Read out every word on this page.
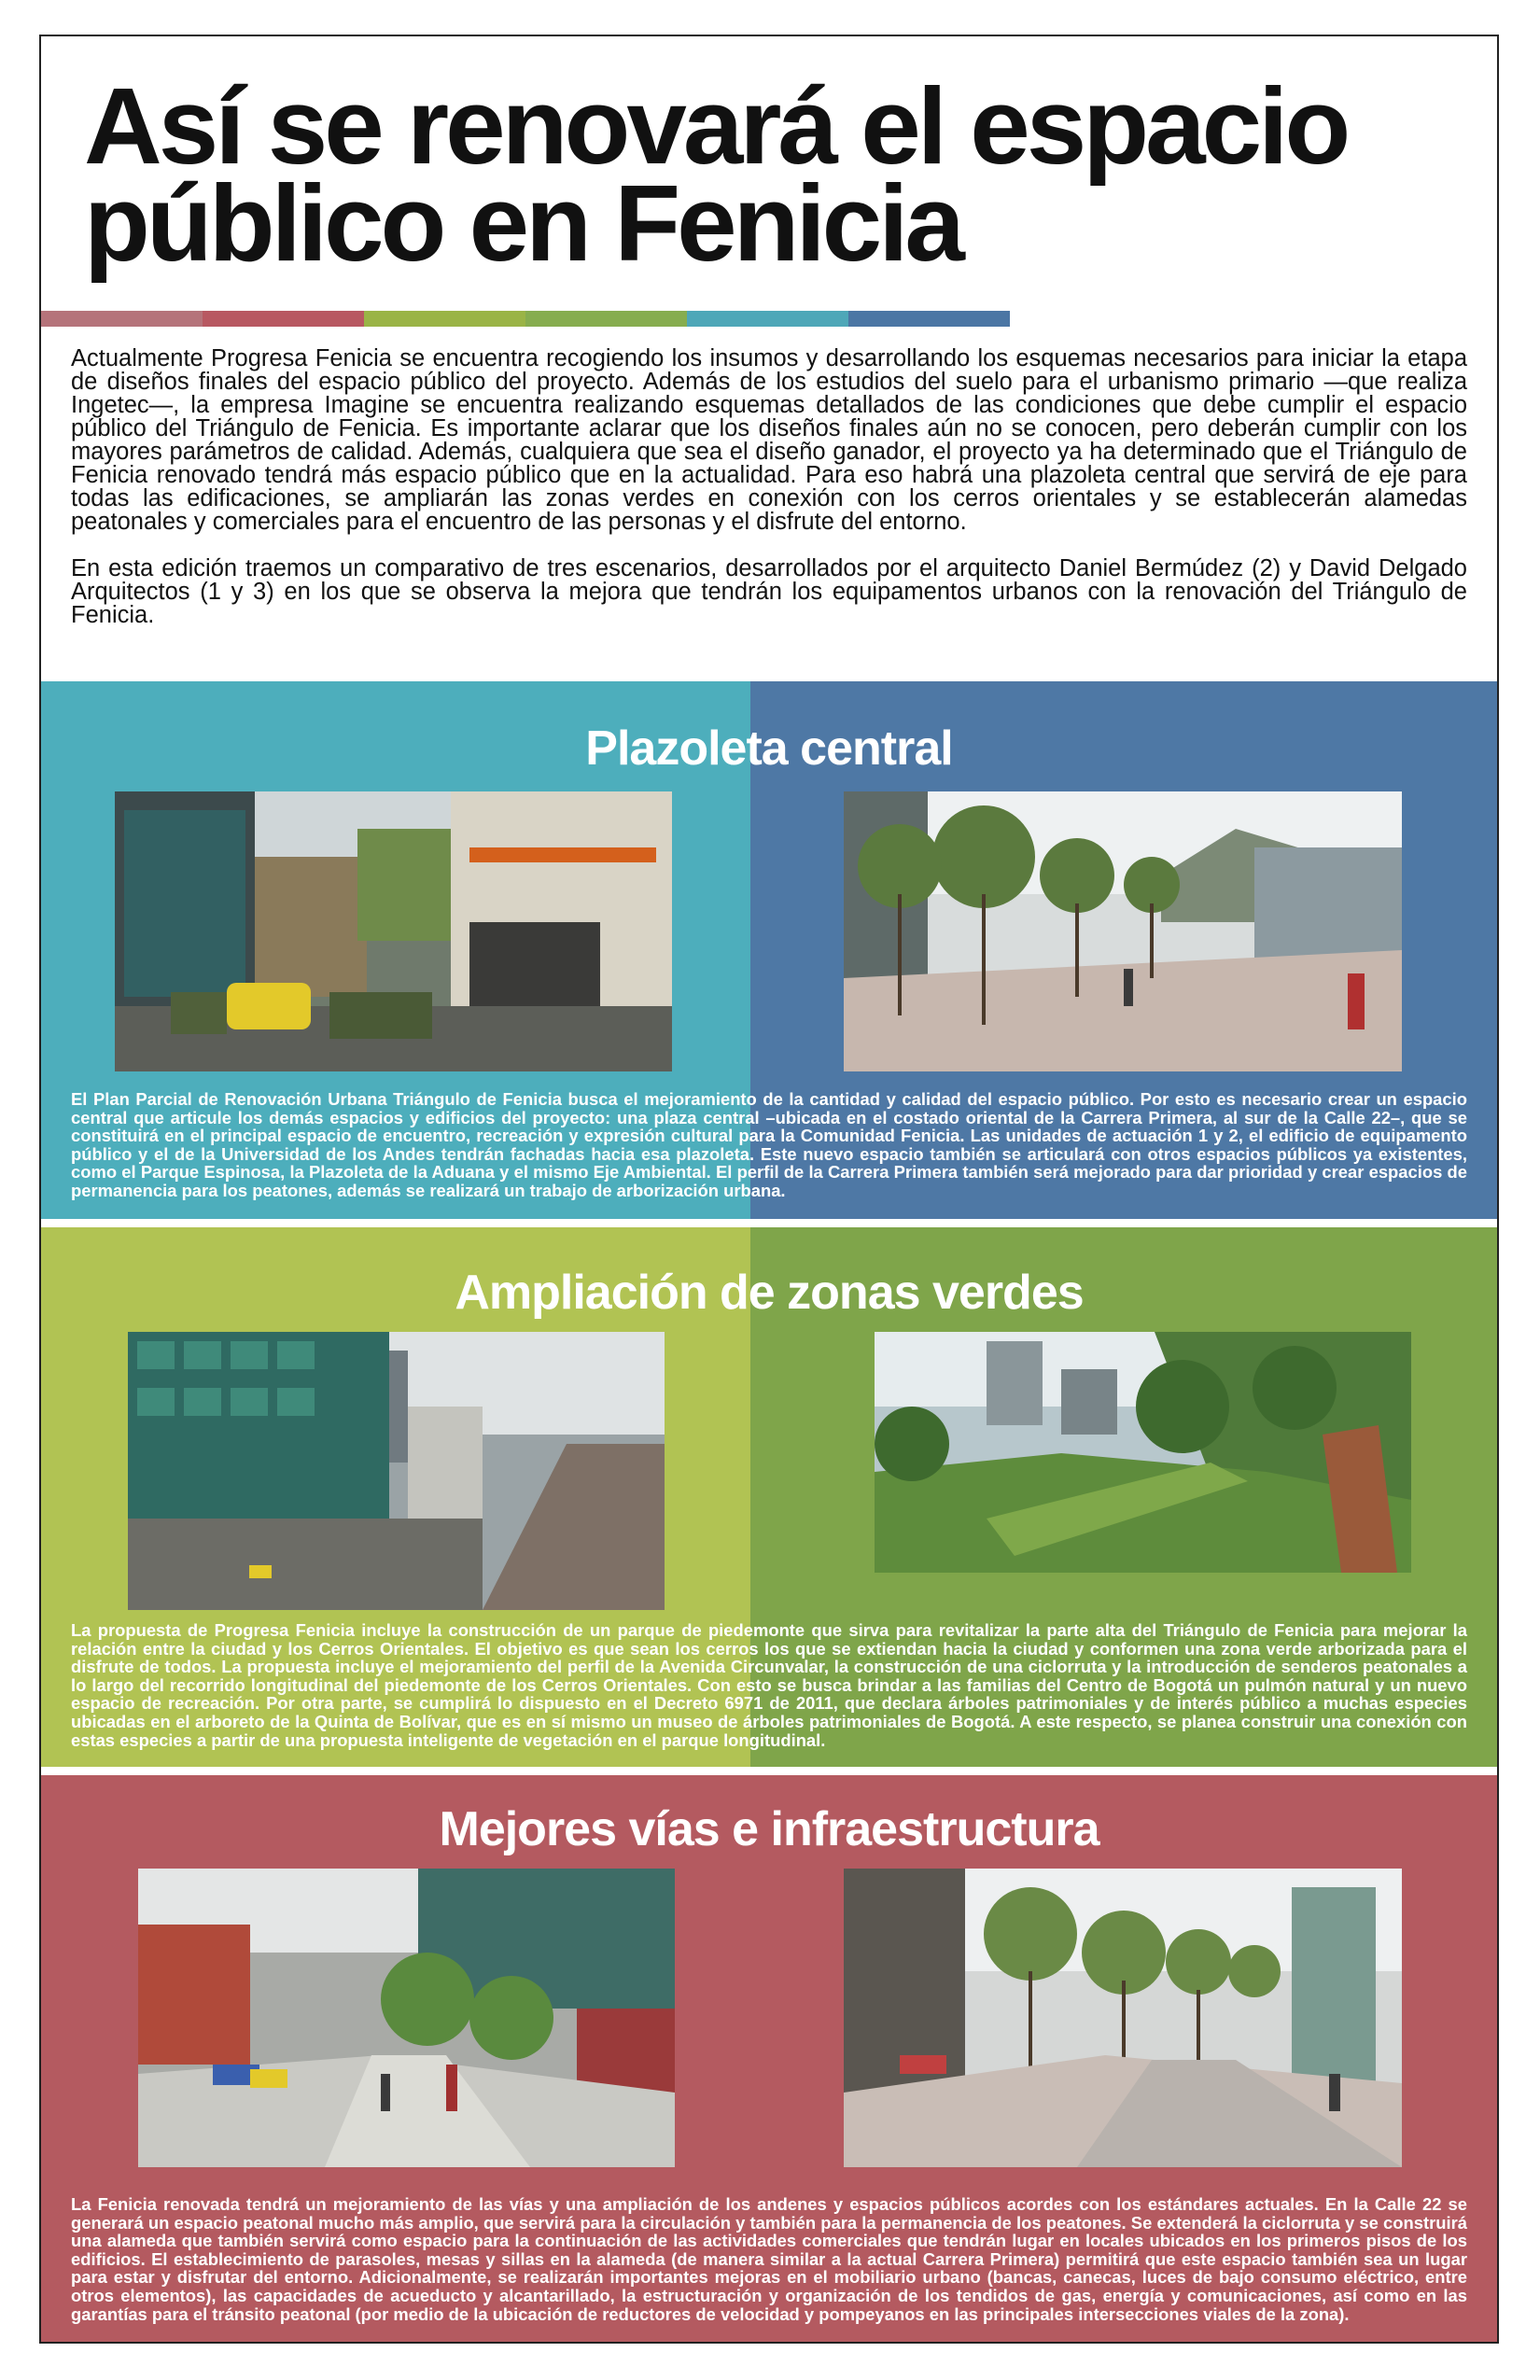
Así se renovará el espacio público en Fenicia

Actualmente Progresa Fenicia se encuentra recogiendo los insumos y desarrollando los esquemas necesarios para iniciar la etapa de diseños finales del espacio público del proyecto. Además de los estudios del suelo para el urbanismo primario —que realiza Ingetec—, la empresa Imagine se encuentra realizando esquemas detallados de las condiciones que debe cumplir el espacio público del Triángulo de Fenicia. Es importante aclarar que los diseños finales aún no se conocen, pero deberán cumplir con los mayores parámetros de calidad. Además, cualquiera que sea el diseño ganador, el proyecto ya ha determinado que el Triángulo de Fenicia renovado tendrá más espacio público que en la actualidad. Para eso habrá una plazoleta central que servirá de eje para todas las edificaciones, se ampliarán las zonas verdes en conexión con los cerros orientales y se establecerán alamedas peatonales y comerciales para el encuentro de las personas y el disfrute del entorno.

En esta edición traemos un comparativo de tres escenarios, desarrollados por el arquitecto Daniel Bermúdez (2) y David Delgado Arquitectos (1 y 3) en los que se observa la mejora que tendrán los equipamentos urbanos con la renovación del Triángulo de Fenicia.

Plazoleta central
El Plan Parcial de Renovación Urbana Triángulo de Fenicia busca el mejoramiento de la cantidad y calidad del espacio público. Por esto es necesario crear un espacio central que articule los demás espacios y edificios del proyecto: una plaza central –ubicada en el costado oriental de la Carrera Primera, al sur de la Calle 22–, que se constituirá en el principal espacio de encuentro, recreación y expresión cultural para la Comunidad Fenicia. Las unidades de actuación 1 y 2, el edificio de equipamento público y el de la Universidad de los Andes tendrán fachadas hacia esa plazoleta. Este nuevo espacio también se articulará con otros espacios públicos ya existentes, como el Parque Espinosa, la Plazoleta de la Aduana y el mismo Eje Ambiental. El perfil de la Carrera Primera también será mejorado para dar prioridad y crear espacios de permanencia para los peatones, además se realizará un trabajo de arborización urbana.
Ampliación de zonas verdes
La propuesta de Progresa Fenicia incluye la construcción de un parque de piedemonte que sirva para revitalizar la parte alta del Triángulo de Fenicia para mejorar la relación entre la ciudad y los Cerros Orientales. El objetivo es que sean los cerros los que se extiendan hacia la ciudad y conformen una zona verde arborizada para el disfrute de todos. La propuesta incluye el mejoramiento del perfil de la Avenida Circunvalar, la construcción de una ciclorruta y la introducción de senderos peatonales a lo largo del recorrido longitudinal del piedemonte de los Cerros Orientales. Con esto se busca brindar a las familias del Centro de Bogotá un pulmón natural y un nuevo espacio de recreación. Por otra parte, se cumplirá lo dispuesto en el Decreto 6971 de 2011, que declara árboles patrimoniales y de interés público a muchas especies ubicadas en el arboreto de la Quinta de Bolívar, que es en sí mismo un museo de árboles patrimoniales de Bogotá. A este respecto, se planea construir una conexión con estas especies a partir de una propuesta inteligente de vegetación en el parque longitudinal.
Mejores vías e infraestructura
La Fenicia renovada tendrá un mejoramiento de las vías y una ampliación de los andenes y espacios públicos acordes con los estándares actuales. En la Calle 22 se generará un espacio peatonal mucho más amplio, que servirá para la circulación y también para la permanencia de los peatones. Se extenderá la ciclorruta y se construirá una alameda que también servirá como espacio para la continuación de las actividades comerciales que tendrán lugar en locales ubicados en los primeros pisos de los edificios. El establecimiento de parasoles, mesas y sillas en la alameda (de manera similar a la actual Carrera Primera) permitirá que este espacio también sea un lugar para estar y disfrutar del entorno. Adicionalmente, se realizarán importantes mejoras en el mobiliario urbano (bancas, canecas, luces de bajo consumo eléctrico, entre otros elementos), las capacidades de acueducto y alcantarillado, la estructuración y organización de los tendidos de gas, energía y comunicaciones, así como en las garantías para el tránsito peatonal (por medio de la ubicación de reductores de velocidad y pompeyanos en las principales intersecciones viales de la zona).
